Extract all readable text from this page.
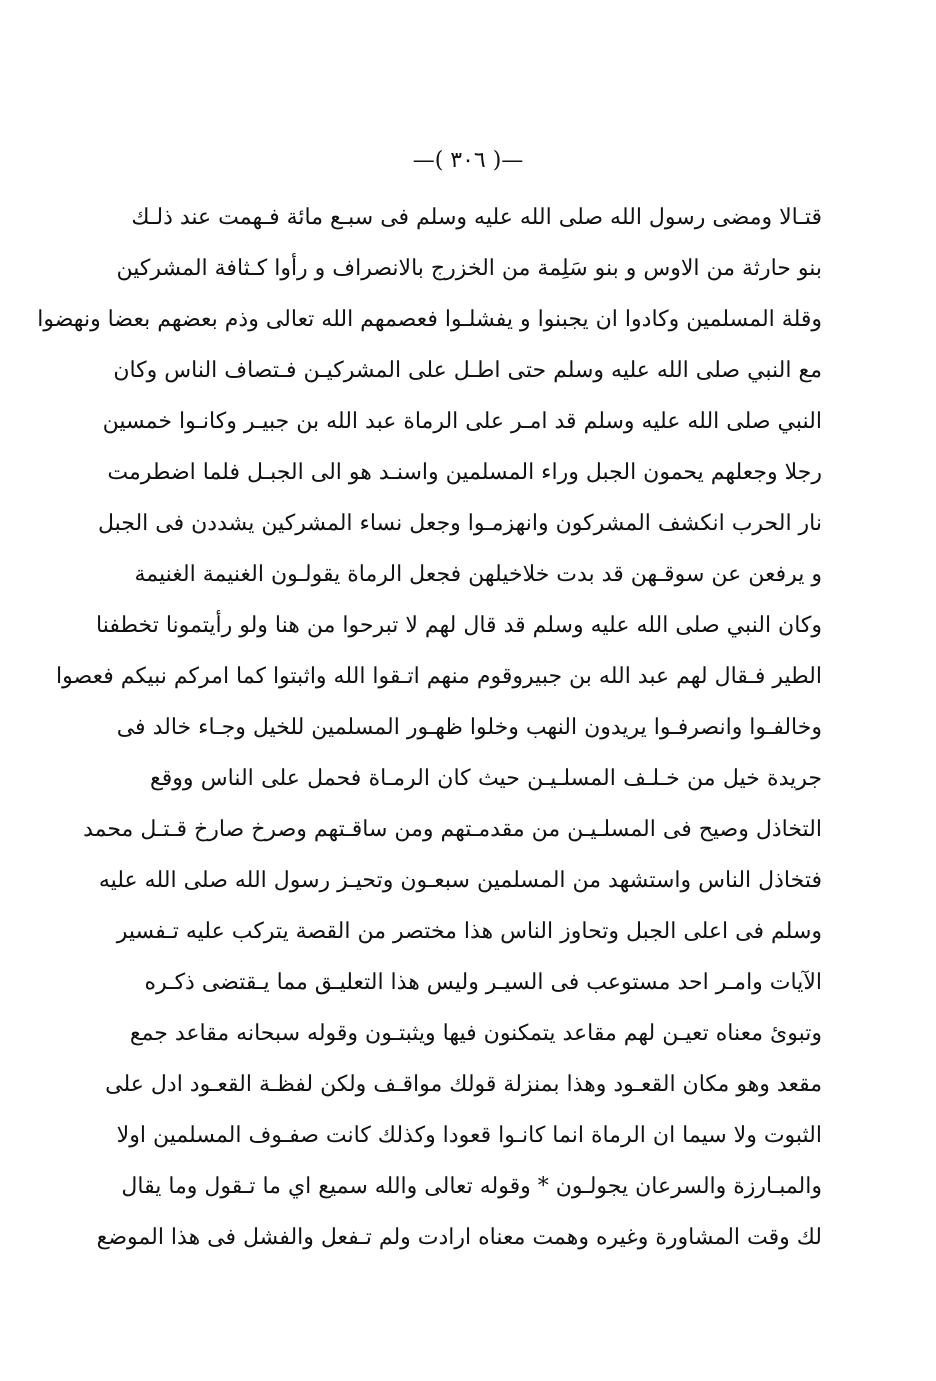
—( ٣٠٦ )—
قتـالا ومضى رسول الله صلى الله عليه وسلم فى سبـع مائة فـهمت عند ذلـك
بنو حارثة من الاوس و بنو سَلِمة من الخزرج بالانصراف و رأوا كـثافة المشركين
وقلة المسلمين وكادوا ان يجبنوا و يفشلـوا فعصمهم الله تعالى وذم بعضهم بعضا ونهضوا
مع النبي صلى الله عليه وسلم حتى اطـل على المشركيـن فـتصاف الناس وكان
النبي صلى الله عليه وسلم قد امـر على الرماة عبد الله بن جبيـر وكانـوا خمسين
رجلا وجعلهم يحمون الجبل وراء المسلمين واسنـد هو الى الجبـل فلما اضطرمت
نار الحرب انكشف المشركون وانهزمـوا وجعل نساء المشركين يشددن فى الجبل
و يرفعن عن سوقـهن قد بدت خلاخيلهن فجعل الرماة يقولـون الغنيمة الغنيمة
وكان النبي صلى الله عليه وسلم قد قال لهم لا تبرحوا من هنا ولو رأيتمونا تخطفنا
الطير فـقال لهم عبد الله بن جبيروقوم منهم اتـقوا الله واثبتوا كما امركم نبيكم فعصوا
وخالفـوا وانصرفـوا يريدون النهب وخلوا ظهـور المسلمين للخيل وجـاء خالد فى
جريدة خيل من خـلـف المسلـيـن حيث كان الرمـاة فحمل على الناس ووقع
التخاذل وصيح فى المسلـيـن من مقدمـتهم ومن ساقـتهم وصرخ صارخ قـتـل محمد
فتخاذل الناس واستشهد من المسلمين سبعـون وتحيـز رسول الله صلى الله عليه
وسلم فى اعلى الجبل وتحاوز الناس هذا مختصر من القصة يتركب عليه تـفسير
الآيات وامـر احد مستوعب فى السيـر وليس هذا التعليـق مما يـقتضى ذكـره
وتبوئ معناه تعيـن لهم مقاعد يتمكنون فيها ويثبتـون وقوله سبحانه مقاعد جمع
مقعد وهو مكان القعـود وهذا بمنزلة قولك مواقـف ولكن لفظـة القعـود ادل على
الثبوت ولا سيما ان الرماة انما كانـوا قعودا وكذلك كانت صفـوف المسلمين اولا
والمبـارزة والسرعان يجولـون * وقوله تعالى والله سميع اي ما تـقول وما يقال
لك وقت المشاورة وغيره وهمت معناه ارادت ولم تـفعل والفشل فى هذا الموضع
